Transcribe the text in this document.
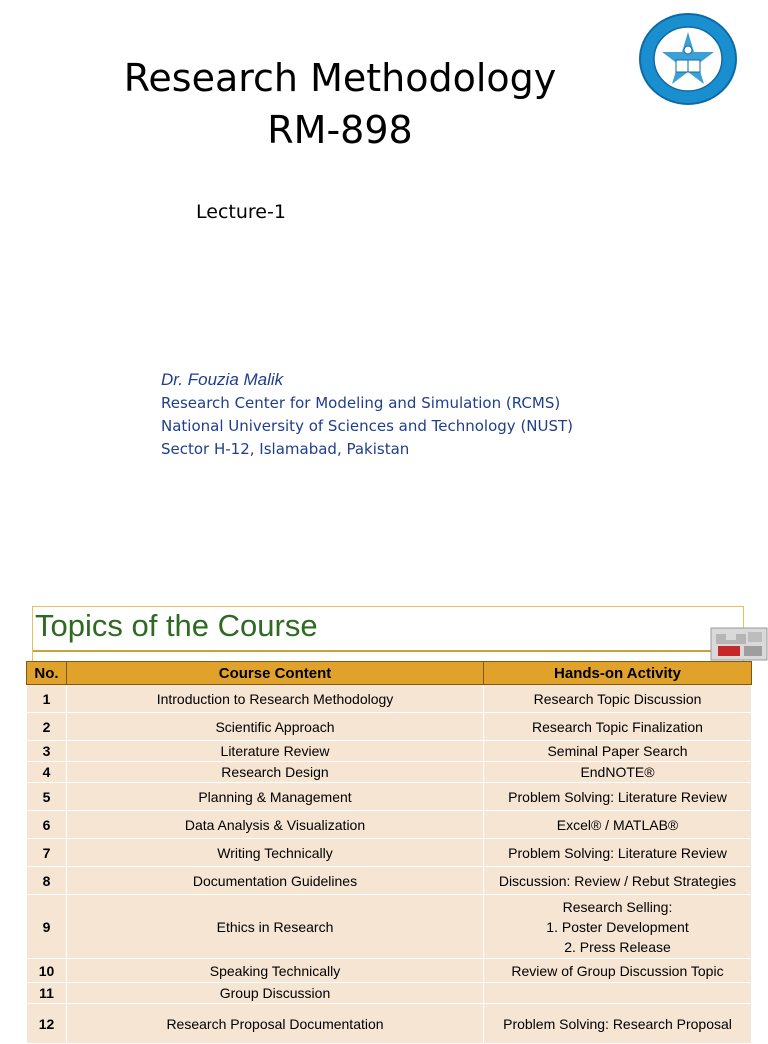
Research Methodology
RM-898
Lecture-1
Dr. Fouzia Malik
Research Center for Modeling and Simulation (RCMS)
National University of Sciences and Technology (NUST)
Sector H-12, Islamabad, Pakistan
Topics of the Course
No.	Course Content	Hands-on Activity
1	Introduction to Research Methodology	Research Topic Discussion
2	Scientific Approach	Research Topic Finalization
3	Literature Review	Seminal Paper Search
4	Research Design	EndNOTE®
5	Planning & Management	Problem Solving: Literature Review
6	Data Analysis & Visualization	Excel® / MATLAB®
7	Writing Technically	Problem Solving: Literature Review
8	Documentation Guidelines	Discussion: Review / Rebut Strategies
9	Ethics in Research	Research Selling:
1. Poster Development
2. Press Release

10	Speaking Technically	Review of Group Discussion Topic
11	Group Discussion	
12	Research Proposal Documentation	Problem Solving: Research Proposal
